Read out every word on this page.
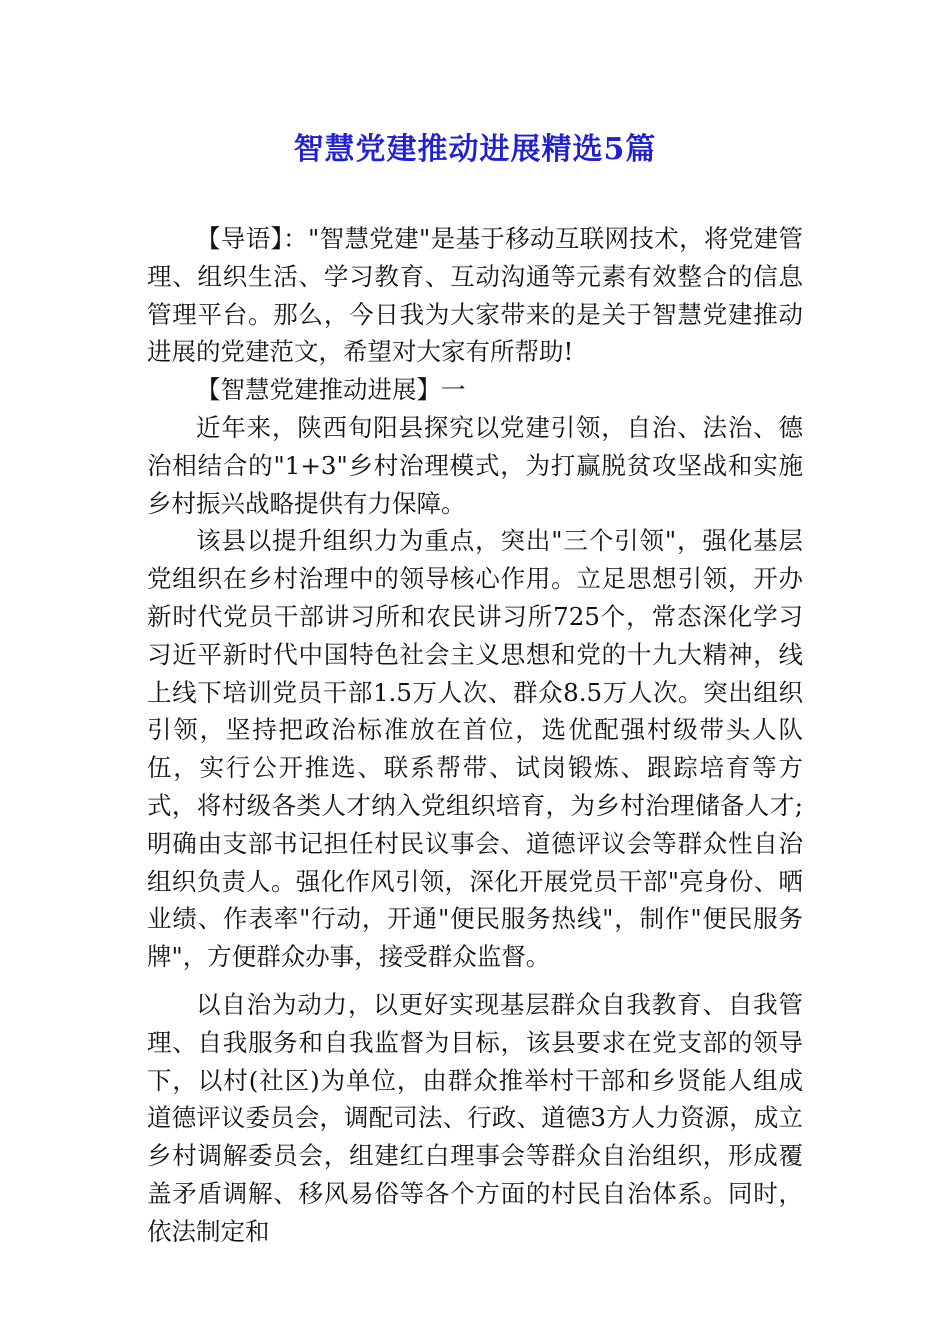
智慧党建推动进展精选5篇

【导语】："智慧党建"是基于移动互联网技术，将党建管理、组织生活、学习教育、互动沟通等元素有效整合的信息管理平台。那么，今日我为大家带来的是关于智慧党建推动进展的党建范文，希望对大家有所帮助!

【智慧党建推动进展】一

近年来，陕西旬阳县探究以党建引领，自治、法治、德治相结合的"1+3"乡村治理模式，为打赢脱贫攻坚战和实施乡村振兴战略提供有力保障。

该县以提升组织力为重点，突出"三个引领"，强化基层党组织在乡村治理中的领导核心作用。立足思想引领，开办新时代党员干部讲习所和农民讲习所725个，常态深化学习习近平新时代中国特色社会主义思想和党的十九大精神，线上线下培训党员干部1.5万人次、群众8.5万人次。突出组织引领，坚持把政治标准放在首位，选优配强村级带头人队伍，实行公开推选、联系帮带、试岗锻炼、跟踪培育等方式，将村级各类人才纳入党组织培育，为乡村治理储备人才;明确由支部书记担任村民议事会、道德评议会等群众性自治组织负责人。强化作风引领，深化开展党员干部"亮身份、晒业绩、作表率"行动，开通"便民服务热线"，制作"便民服务牌"，方便群众办事，接受群众监督。

以自治为动力，以更好实现基层群众自我教育、自我管理、自我服务和自我监督为目标，该县要求在党支部的领导下，以村(社区)为单位，由群众推举村干部和乡贤能人组成道德评议委员会，调配司法、行政、道德3方人力资源，成立乡村调解委员会，组建红白理事会等群众自治组织，形成覆盖矛盾调解、移风易俗等各个方面的村民自治体系。同时，依法制定和
